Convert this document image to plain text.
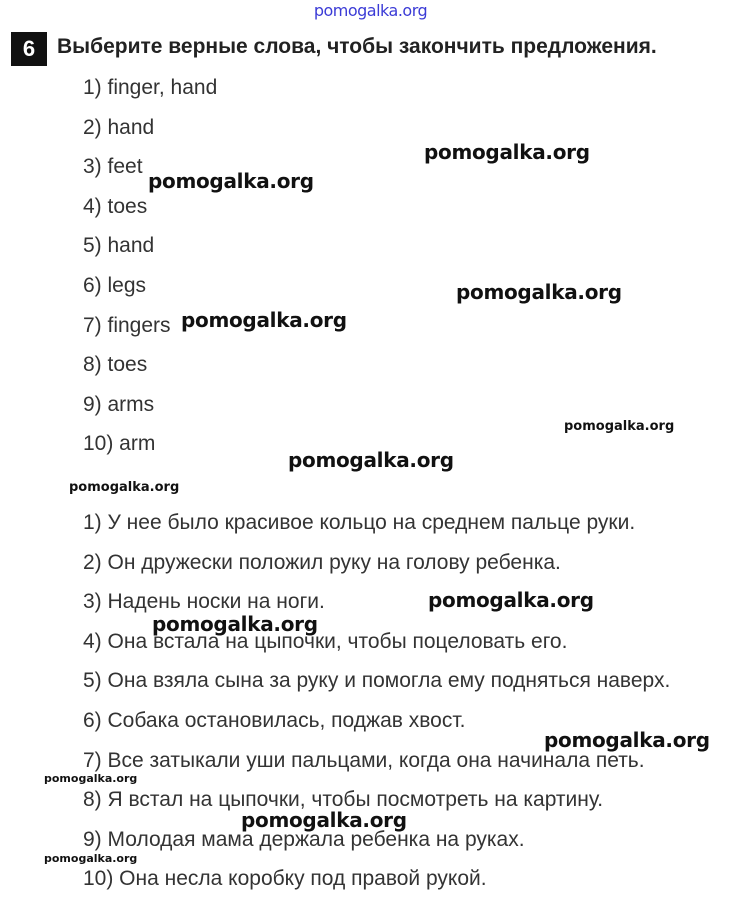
pomogalka.org
6	Выберите верные слова, чтобы закончить предложения.
1) finger, hand
2) hand
3) feet
4) toes
5) hand
6) legs
7) fingers
8) toes
9) arms
10) arm
1) У нее было красивое кольцо на среднем пальце руки.
2) Он дружески положил руку на голову ребенка.
3) Надень носки на ноги.
4) Она встала на цыпочки, чтобы поцеловать его.
5) Она взяла сына за руку и помогла ему подняться наверх.
6) Собака остановилась, поджав хвост.
7) Все затыкали уши пальцами, когда она начинала петь.
8) Я встал на цыпочки, чтобы посмотреть на картину.
9) Молодая мама держала ребенка на руках.
10) Она несла коробку под правой рукой.
pomogalka.org
pomogalka.org
pomogalka.org
pomogalka.org
pomogalka.org
pomogalka.org
pomogalka.org
pomogalka.org
pomogalka.org
pomogalka.org
pomogalka.org
pomogalka.org
pomogalka.org
